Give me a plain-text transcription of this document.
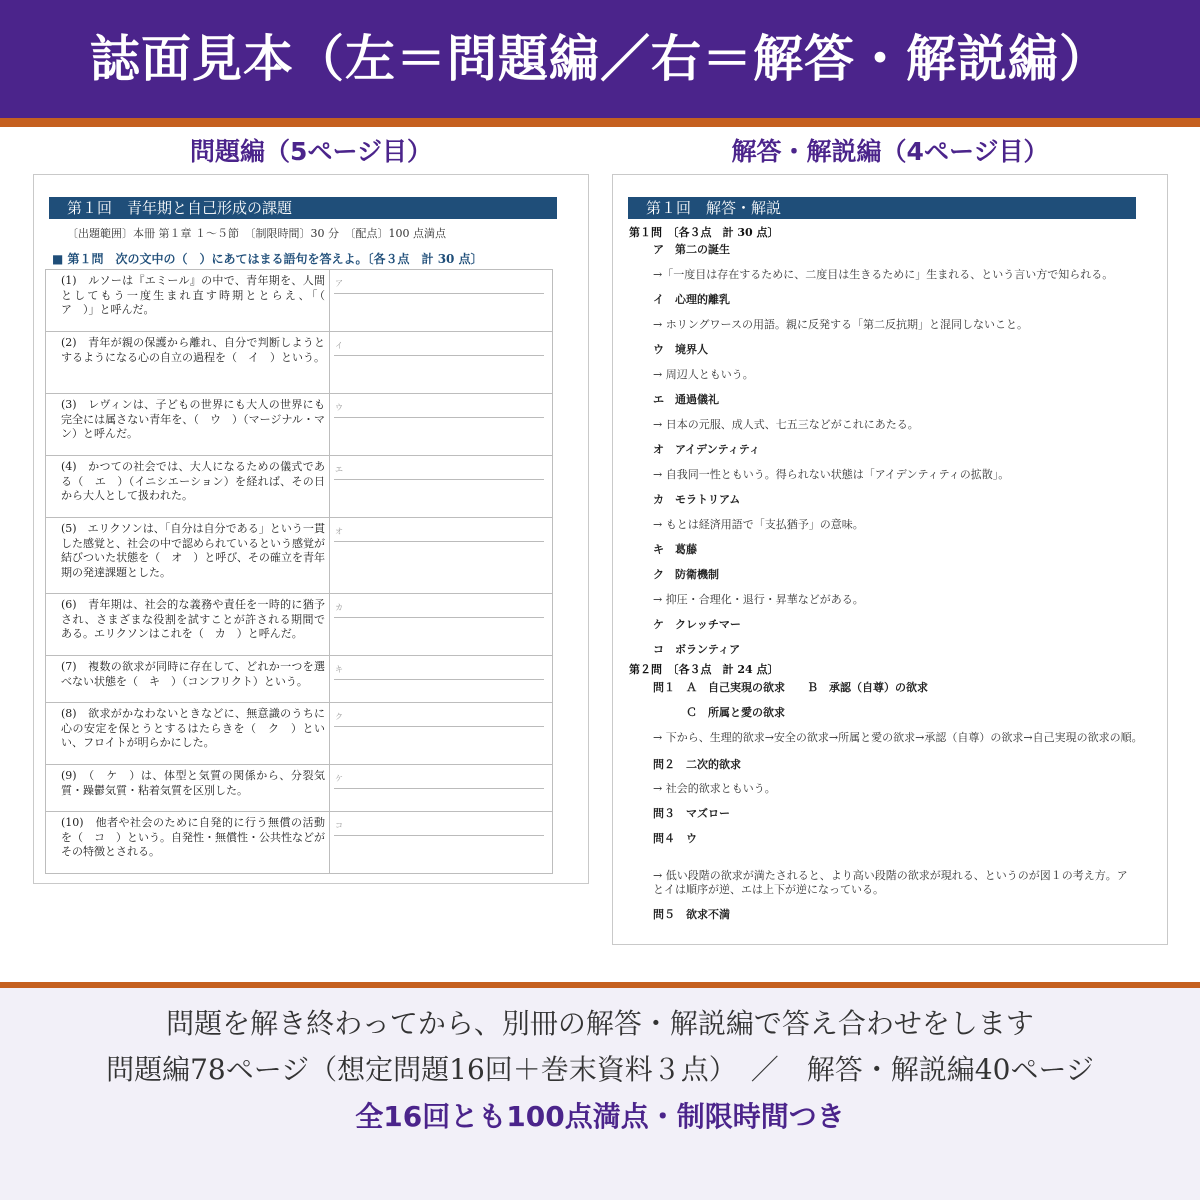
誌面見本（左＝問題編／右＝解答・解説編）
問題編（5ページ目）	解答・解説編（4ページ目）
第１回　青年期と自己形成の課題
〔出題範囲〕本冊 第１章 １～５節　〔制限時間〕30 分　〔配点〕100 点満点
■ 第１問　次の文中の（　）にあてはまる語句を答えよ。〔各３点　計 30 点〕
(1)　ルソーは『エミール』の中で、青年期を、人間としてもう一度生まれ直す時期ととらえ、「（　ア　）」と呼んだ。
ア
(2)　青年が親の保護から離れ、自分で判断しようとするようになる心の自立の過程を（　イ　）という。
イ
(3)　レヴィンは、子どもの世界にも大人の世界にも完全には属さない青年を、（　ウ　）（マージナル・マン）と呼んだ。
ウ
(4)　かつての社会では、大人になるための儀式である（　エ　）（イニシエーション）を経れば、その日から大人として扱われた。
エ
(5)　エリクソンは、「自分は自分である」という一貫した感覚と、社会の中で認められているという感覚が結びついた状態を（　オ　）と呼び、その確立を青年期の発達課題とした。
オ
(6)　青年期は、社会的な義務や責任を一時的に猶予され、さまざまな役割を試すことが許される期間である。エリクソンはこれを（　カ　）と呼んだ。
カ
(7)　複数の欲求が同時に存在して、どれか一つを選べない状態を（　キ　）（コンフリクト）という。
キ
(8)　欲求がかなわないときなどに、無意識のうちに心の安定を保とうとするはたらきを（　ク　）といい、フロイトが明らかにした。
ク
(9)　（　ケ　）は、体型と気質の関係から、分裂気質・躁鬱気質・粘着気質を区別した。
ケ
(10)　他者や社会のために自発的に行う無償の活動を（　コ　）という。自発性・無償性・公共性などがその特徴とされる。
コ
第１回　解答・解説
第１問　〔各３点　計 30 点〕
ア　第二の誕生
→「一度目は存在するために、二度目は生きるために」生まれる、という言い方で知られる。
イ　心理的離乳
→ ホリングワースの用語。親に反発する「第二反抗期」と混同しないこと。
ウ　境界人
→ 周辺人ともいう。
エ　通過儀礼
→ 日本の元服、成人式、七五三などがこれにあたる。
オ　アイデンティティ
→ 自我同一性ともいう。得られない状態は「アイデンティティの拡散」。
カ　モラトリアム
→ もとは経済用語で「支払猶予」の意味。
キ　葛藤
ク　防衛機制
→ 抑圧・合理化・退行・昇華などがある。
ケ　クレッチマー
コ　ボランティア
第２問　〔各３点　計 24 点〕
問１　Ａ　自己実現の欲求　　Ｂ　承認（自尊）の欲求
　　　Ｃ　所属と愛の欲求
→ 下から、生理的欲求→安全の欲求→所属と愛の欲求→承認（自尊）の欲求→自己実現の欲求の順。
問２　二次的欲求
→ 社会的欲求ともいう。
問３　マズロー
問４　ウ
→ 低い段階の欲求が満たされると、より高い段階の欲求が現れる、というのが図１の考え方。アとイは順序が逆、エは上下が逆になっている。
問５　欲求不満
問題を解き終わってから、別冊の解答・解説編で答え合わせをします
問題編78ページ（想定問題16回＋巻末資料３点）　／　解答・解説編40ページ
全16回とも100点満点・制限時間つき
